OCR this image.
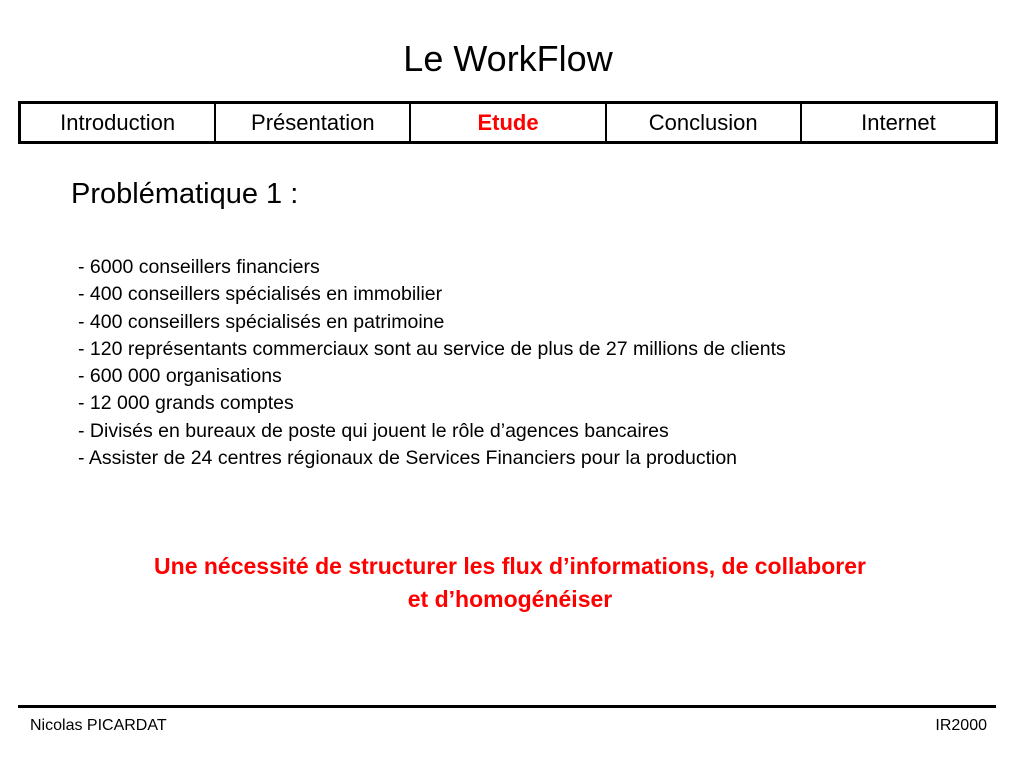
Le WorkFlow
Introduction	Présentation	Etude	Conclusion	Internet
Problématique 1 :
- 6000 conseillers financiers
- 400 conseillers spécialisés en immobilier
- 400 conseillers spécialisés en patrimoine
- 120 représentants commerciaux sont au service de plus de 27 millions de clients
- 600 000 organisations
- 12 000 grands comptes
- Divisés en bureaux de poste qui jouent le rôle d’agences bancaires
- Assister de 24 centres régionaux de Services Financiers pour la production
Une nécessité de structurer les flux d’informations, de collaborer
et d’homogénéiser
Nicolas PICARDAT	IR2000
